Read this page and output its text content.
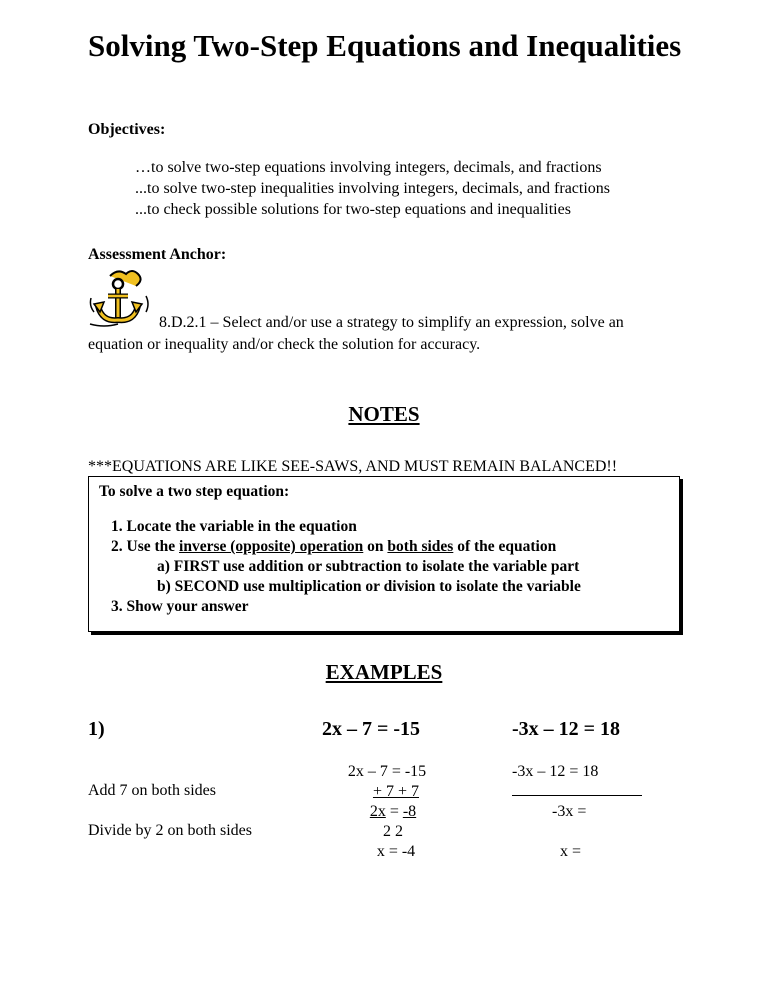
Solving Two-Step Equations and Inequalities
Objectives:
…to solve two-step equations involving integers, decimals, and fractions
...to solve two-step inequalities involving integers, decimals, and fractions
...to check possible solutions for two-step equations and inequalities
Assessment Anchor:
8.D.2.1 – Select and/or use a strategy to simplify an expression, solve an
equation or inequality and/or check the solution for accuracy.
NOTES
***EQUATIONS ARE LIKE SEE-SAWS, AND MUST REMAIN BALANCED!!
To solve a two step equation:
1. Locate the variable in the equation
2. Use the inverse (opposite) operation on both sides of the equation
a) FIRST use addition or subtraction to isolate the variable part
b) SECOND use multiplication or division to isolate the variable
3. Show your answer
EXAMPLES
1)	2x – 7 = -15	-3x – 12 = 18
Add 7 on both sides
Divide by 2 on both sides
2x – 7 = -15
+ 7 + 7
2x = -8
2 2
x = -4
-3x – 12 = 18
-3x =

x =
